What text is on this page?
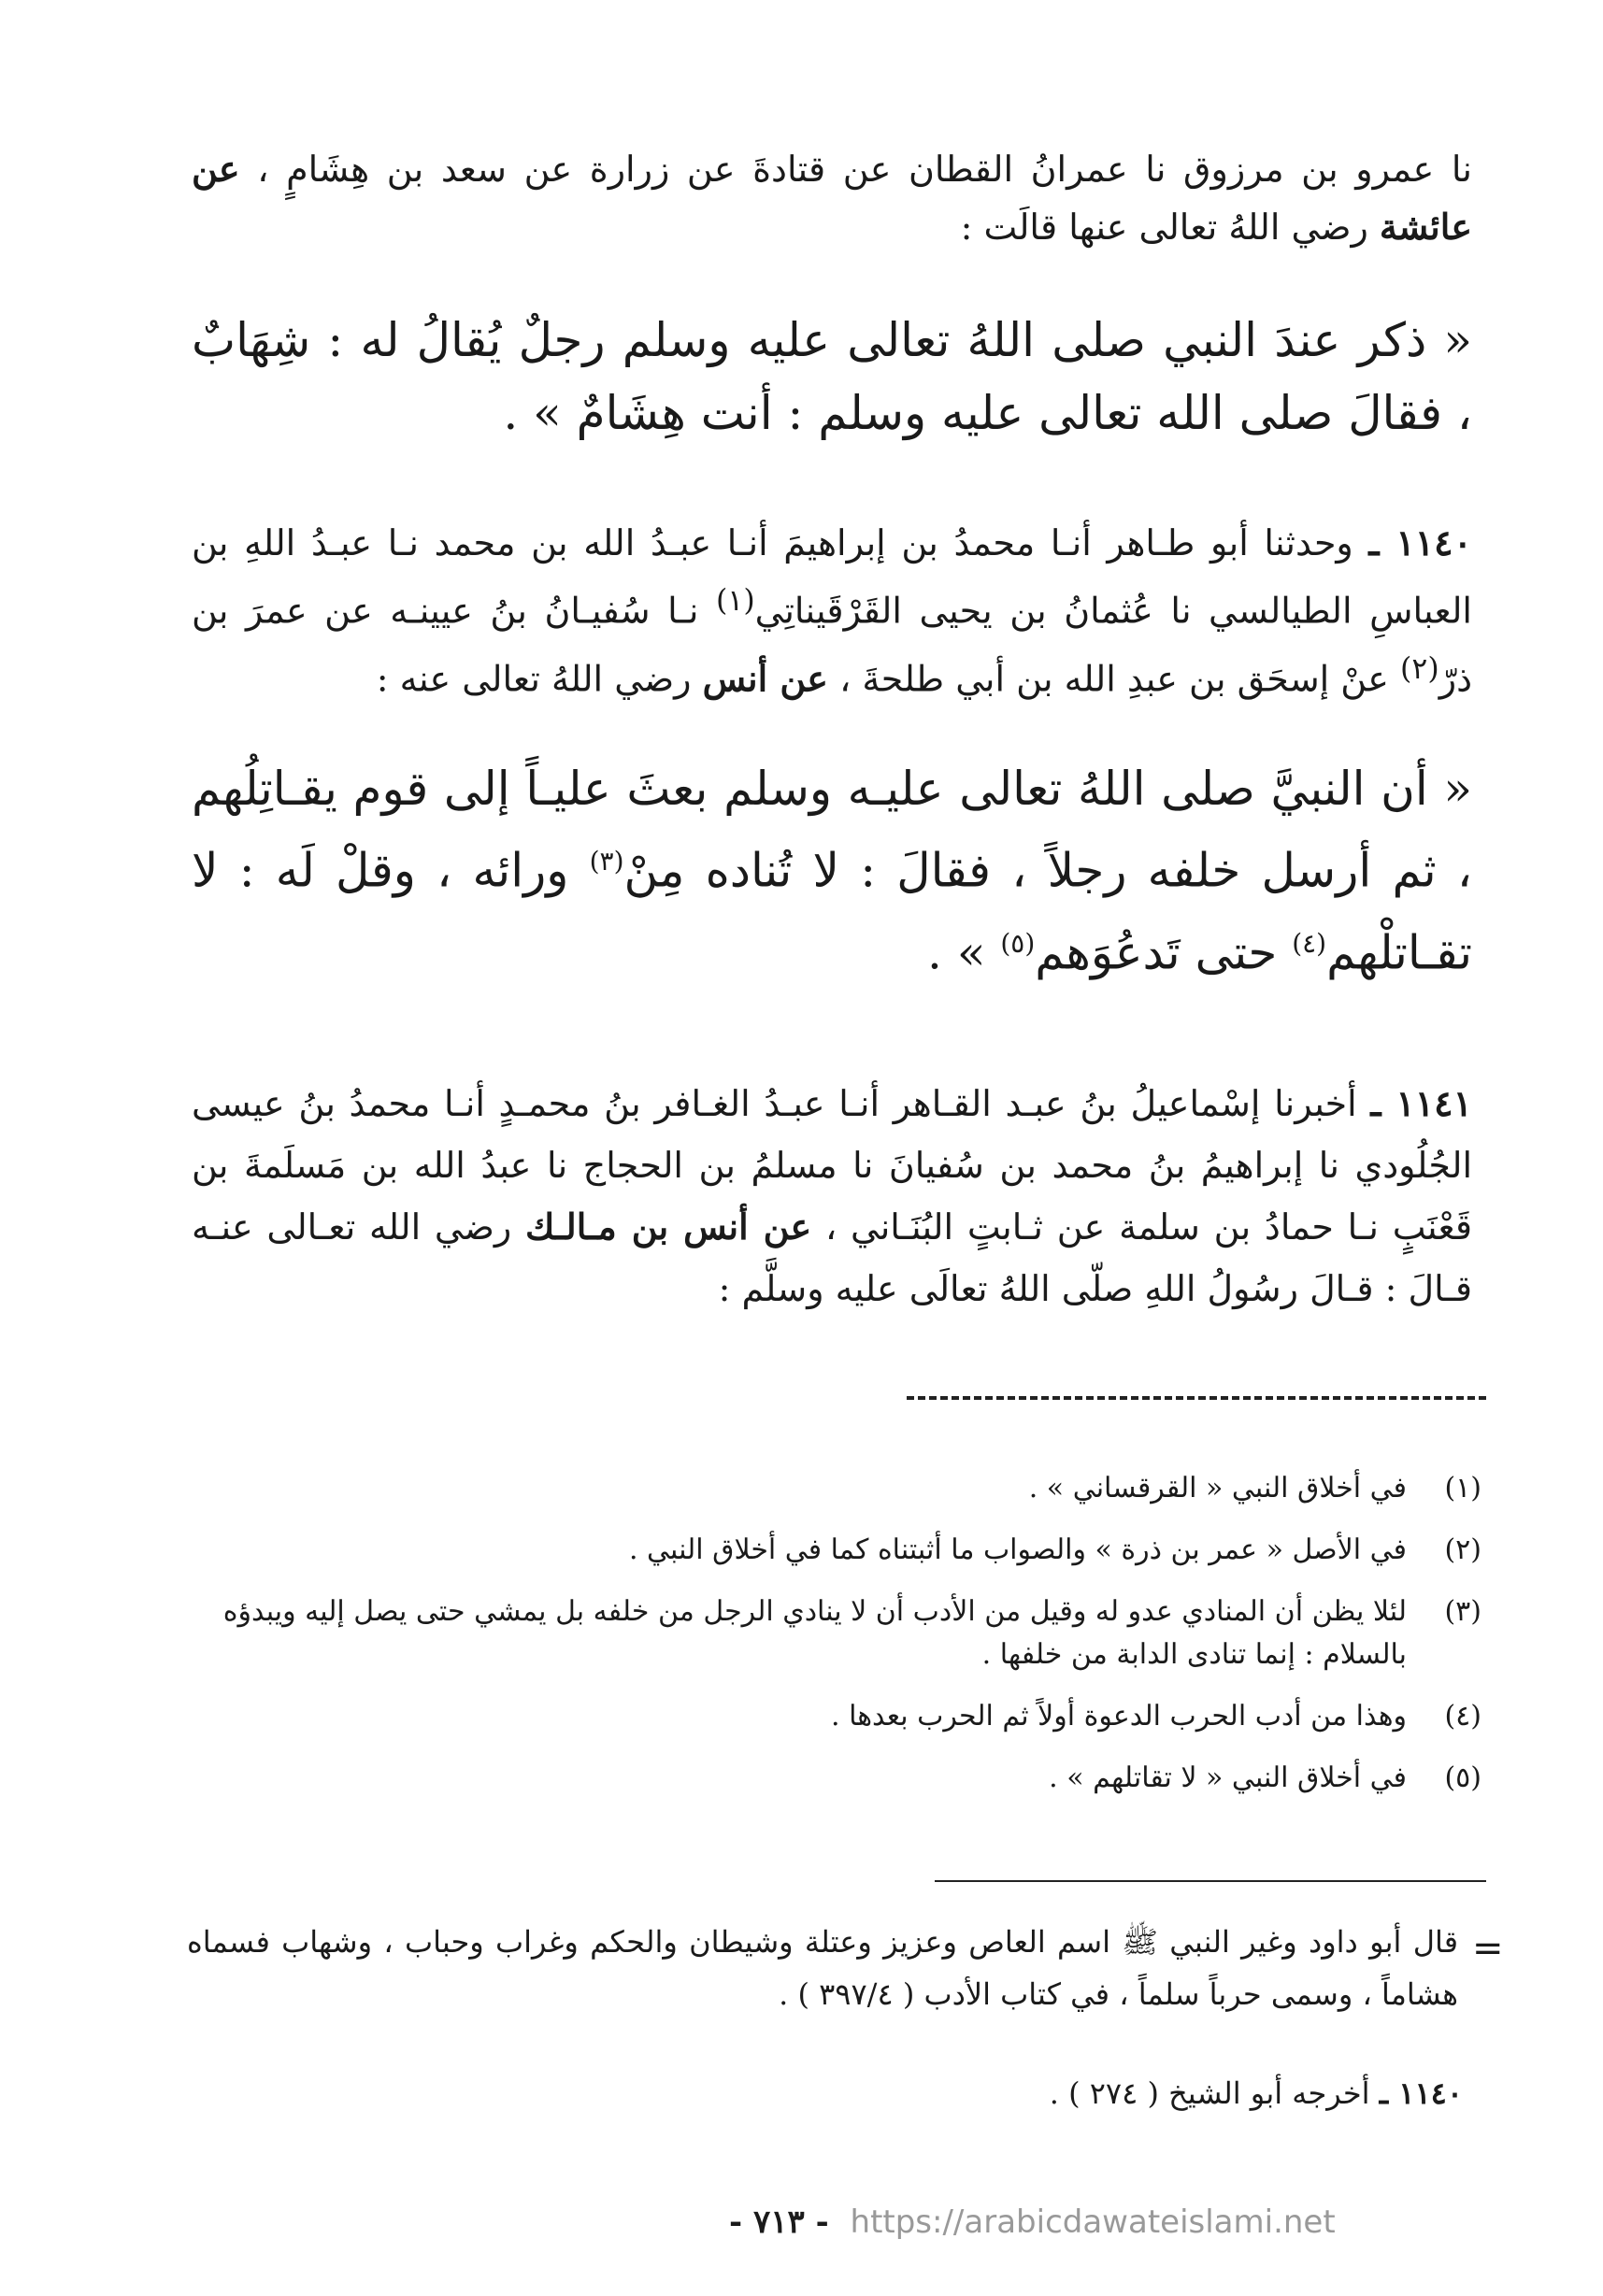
نا عمرو بن مرزوق نا عمرانُ القطان عن قتادةَ عن زرارة عن سعد بن هِشَامٍ ، عن عائشة رضي اللهُ تعالى عنها قالَت :

« ذكر عندَ النبي صلى اللهُ تعالى عليه وسلم رجلٌ يُقالُ له : شِهَابٌ ، فقالَ صلى الله تعالى عليه وسلم : أنت هِشَامٌ » .

١١٤٠ ـ وحدثنا أبو طـاهر أنـا محمدُ بن إبراهيمَ أنـا عبـدُ الله بن محمد نـا عبـدُ اللهِ بن العباسِ الطيالسي نا عُثمانُ بن يحيى القَرْقَيناتِي$^{(١)}$ نـا سُفيـانُ بنُ عيينـه عن عمرَ بن ذرّ$^{(٢)}$ عنْ إسحَق بن عبدِ الله بن أبي طلحةَ ، عن أنس رضي اللهُ تعالى عنه :

« أن النبيَّ صلى اللهُ تعالى عليـه وسلم بعثَ عليـاً إلى قوم يقـاتِلُهم ، ثم أرسل خلفه رجلاً ، فقالَ : لا تُناده مِنْ$^{(٣)}$ ورائه ، وقلْ لَه : لا تقـاتلْهم$^{(٤)}$ حتى تَدعُوَهم$^{(٥)}$ » .

١١٤١ ـ أخبرنا إسْماعيلُ بنُ عبـد القـاهر أنـا عبـدُ الغـافر بنُ محمـدٍ أنـا محمدُ بنُ عيسى الجُلُودي نا إبراهيمُ بنُ محمد بن سُفيانَ نا مسلمُ بن الحجاج نا عبدُ الله بن مَسلَمةَ بن قَعْنَبٍ نـا حمادُ بن سلمة عن ثـابتٍ البُنَـاني ، عن أنس بن مـالـك رضي الله تعـالى عنـه قـالَ : قـالَ رسُولُ اللهِ صلّى اللهُ تعالَى عليه وسلَّم :

(١)
في أخلاق النبي « القرقساني » .
(٢)
في الأصل « عمر بن ذرة » والصواب ما أثبتناه كما في أخلاق النبي .
(٣)
لئلا يظن أن المنادي عدو له وقيل من الأدب أن لا ينادي الرجل من خلفه بل يمشي حتى يصل إليه ويبدؤه بالسلام : إنما تنادى الدابة من خلفها .
(٤)
وهذا من أدب الحرب الدعوة أولاً ثم الحرب بعدها .
(٥)
في أخلاق النبي « لا تقاتلهم » .
=

قال أبو داود وغير النبي ﷺ اسم العاص وعزيز وعتلة وشيطان والحكم وغراب وحباب ، وشهاب فسماه هشاماً ، وسمى حرباً سلماً ، في كتاب الأدب ( ٣٩٧/٤ ) .

١١٤٠ ـ أخرجه أبو الشيخ ( ٢٧٤ ) .

- ٧١٣ - https://arabicdawateislami.net
